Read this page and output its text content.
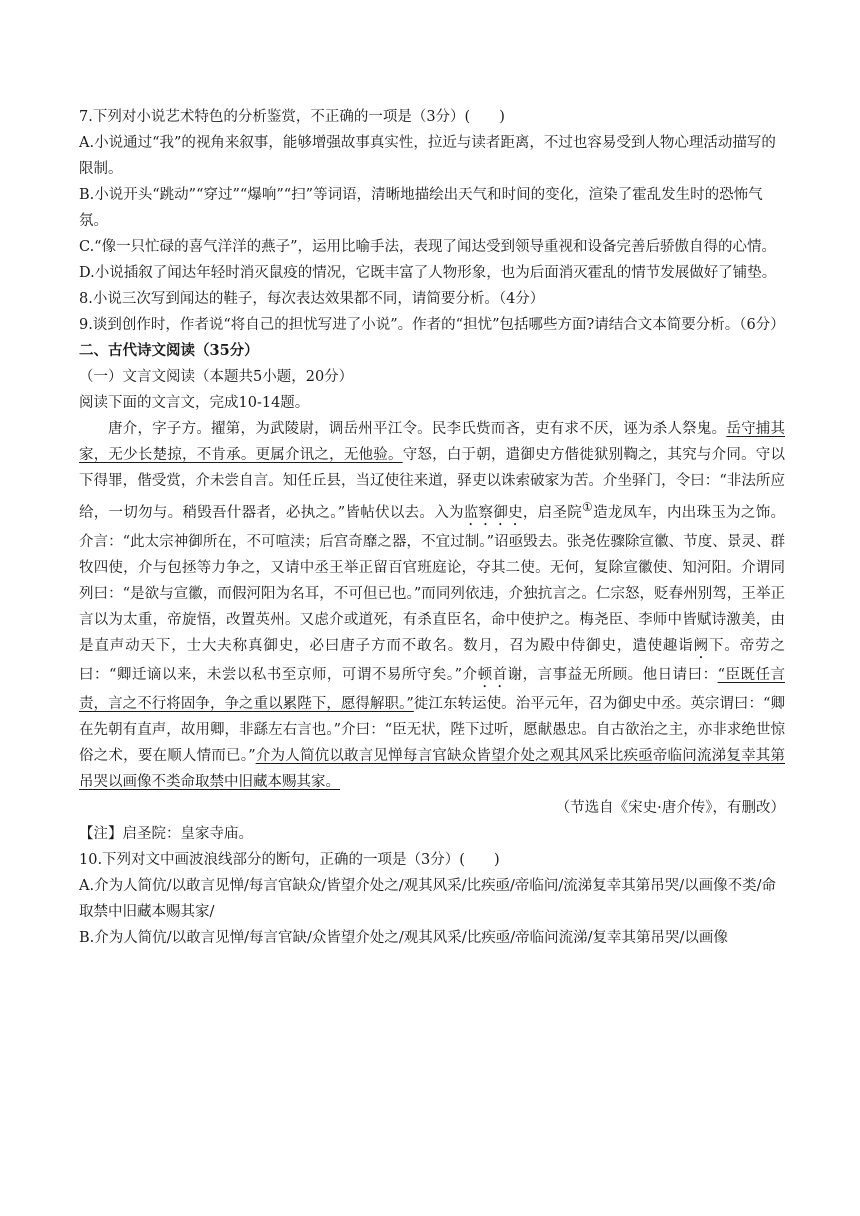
7.下列对小说艺术特色的分析鉴赏，不正确的一项是（3分）(　　)

A.小说通过“我”的视角来叙事，能够增强故事真实性，拉近与读者距离，不过也容易受到人物心理活动描写的限制。

B.小说开头“跳动”“穿过”“爆响”“扫”等词语，清晰地描绘出天气和时间的变化，渲染了霍乱发生时的恐怖气氛。

C.“像一只忙碌的喜气洋洋的燕子”，运用比喻手法，表现了闻达受到领导重视和设备完善后骄傲自得的心情。

D.小说插叙了闻达年轻时消灭鼠疫的情况，它既丰富了人物形象，也为后面消灭霍乱的情节发展做好了铺垫。

8.小说三次写到闻达的鞋子，每次表达效果都不同，请简要分析。（4分）

9.谈到创作时，作者说“将自己的担忧写进了小说”。作者的“担忧”包括哪些方面?请结合文本简要分析。（6分）

二、古代诗文阅读（35分）

（一）文言文阅读（本题共5小题，20分）

阅读下面的文言文，完成10-14题。

唐介，字子方。擢第，为武陵尉，调岳州平江令。民李氏赀而吝，吏有求不厌，诬为杀人祭鬼。岳守捕其家，无少长楚掠，不肯承。更属介讯之，无他验。守怒，白于朝，遣御史方偕徙狱别鞫之，其究与介同。守以下得罪，偕受赏，介未尝自言。知任丘县，当辽使往来道，驿吏以诛索破家为苦。介坐驿门，令曰：“非法所应给，一切勿与。稍毁吾什器者，必执之。”皆帖伏以去。入为监察御史，启圣院①造龙凤车，内出珠玉为之饰。介言：“此太宗神御所在，不可喧渎；后宫奇靡之器，不宜过制。”诏亟毁去。张尧佐骤除宣徽、节度、景灵、群牧四使，介与包拯等力争之，又请中丞王举正留百官班庭论，夺其二使。无何，复除宣徽使、知河阳。介谓同列曰：“是欲与宣徽，而假河阳为名耳，不可但已也。”而同列依违，介独抗言之。仁宗怒，贬春州别驾，王举正言以为太重，帝旋悟，改置英州。又虑介或道死，有杀直臣名，命中使护之。梅尧臣、李师中皆赋诗激美，由是直声动天下，士大夫称真御史，必曰唐子方而不敢名。数月，召为殿中侍御史，遣使趣诣阙下。帝劳之曰：“卿迁谪以来，未尝以私书至京师，可谓不易所守矣。”介顿首谢，言事益无所顾。他日请曰：“臣既任言责，言之不行将固争，争之重以累陛下，愿得解职。”徙江东转运使。治平元年，召为御史中丞。英宗谓曰：“卿在先朝有直声，故用卿，非繇左右言也。”介曰：“臣无状，陛下过听，愿献愚忠。自古欲治之主，亦非求绝世惊俗之术，要在顺人情而已。”介为人简伉以敢言见惮每言官缺众皆望介处之观其风采比疾亟帝临问流涕复幸其第吊哭以画像不类命取禁中旧藏本赐其家。

（节选自《宋史·唐介传》，有删改）

【注】启圣院：皇家寺庙。

10.下列对文中画波浪线部分的断句，正确的一项是（3分）(　　)

A.介为人简伉/以敢言见惮/每言官缺众/皆望介处之/观其风采/比疾亟/帝临问/流涕复幸其第吊哭/以画像不类/命取禁中旧藏本赐其家/

B.介为人简伉/以敢言见惮/每言官缺/众皆望介处之/观其风采/比疾亟/帝临问流涕/复幸其第吊哭/以画像
